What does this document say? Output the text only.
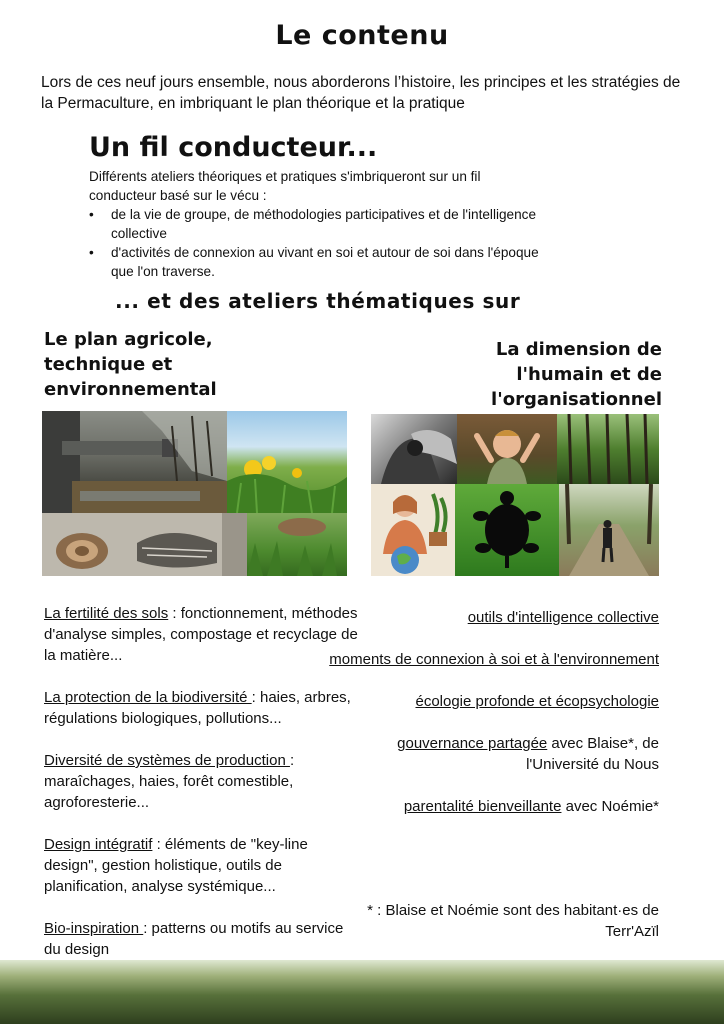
Le contenu
Lors de ces neuf jours ensemble, nous aborderons l’histoire, les principes et les stratégies de la Permaculture, en imbriquant le plan théorique et la pratique
Un fil conducteur...
Différents ateliers théoriques et pratiques s'imbriqueront sur un fil conducteur basé sur le vécu :
• de la vie de groupe, de méthodologies participatives et de l'intelligence collective
• d'activités de connexion au vivant en soi et autour de soi dans l'époque que l'on traverse.
... et des ateliers thématiques sur
Le plan agricole,
technique et
environnemental
La dimension de
l'humain et de
l'organisationnel
La fertilité des sols : fonctionnement, méthodes d'analyse simples, compostage et recyclage de la matière...
La protection de la biodiversité : haies, arbres, régulations biologiques, pollutions...
Diversité de systèmes de production : maraîchages, haies, forêt comestible, agroforesterie...
Design intégratif : éléments de "key-line design", gestion holistique, outils de planification, analyse systémique...
Bio-inspiration : patterns ou motifs au service du design
outils d'intelligence collective
moments de connexion à soi et à l'environnement
écologie profonde et écopsychologie
gouvernance partagée avec Blaise*, de l'Université du Nous
parentalité bienveillante avec Noémie*
* : Blaise et Noémie sont des habitant·es de Terr'Azïl
